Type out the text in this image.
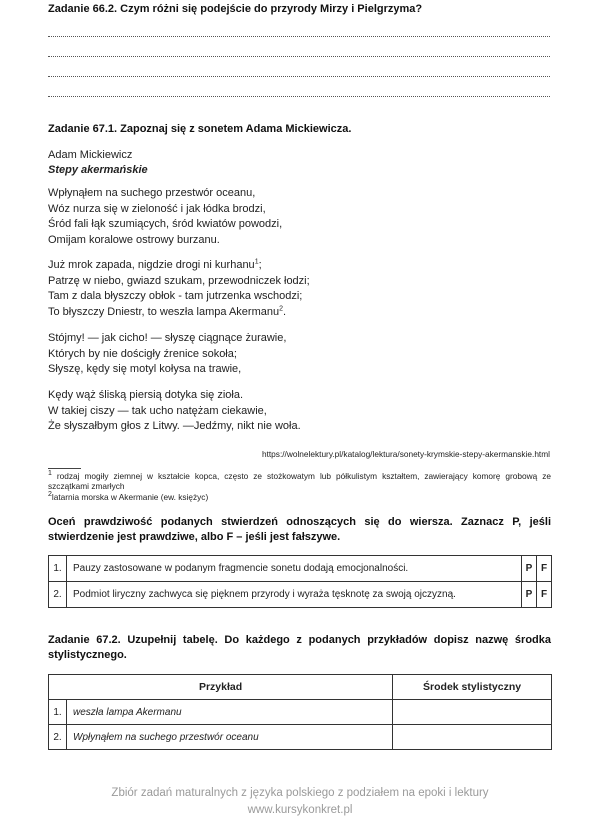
Zadanie 66.2. Czym różni się podejście do przyrody Mirzy i Pielgrzyma?
Zadanie 67.1. Zapoznaj się z sonetem Adama Mickiewicza.
Adam Mickiewicz
Stepy akermańskie
Wpłynąłem na suchego przestwór oceanu,
Wóz nurza się w zieloność i jak łódka brodzi,
Śród fali łąk szumiących, śród kwiatów powodzi,
Omijam koralowe ostrowy burzanu.
Już mrok zapada, nigdzie drogi ni kurhanu$^1$;
Patrzę w niebo, gwiazd szukam, przewodniczek łodzi;
Tam z dala błyszczy obłok - tam jutrzenka wschodzi;
To błyszczy Dniestr, to weszła lampa Akermanu$^2$.
Stójmy! — jak cicho! — słyszę ciągnące żurawie,
Których by nie dościgły źrenice sokoła;
Słyszę, kędy się motyl kołysa na trawie,
Kędy wąż śliską piersią dotyka się zioła.
W takiej ciszy — tak ucho natężam ciekawie,
Że słyszałbym głos z Litwy. —Jedźmy, nikt nie woła.
https://wolnelektury.pl/katalog/lektura/sonety-krymskie-stepy-akermanskie.html
$^1$ rodzaj mogiły ziemnej w kształcie kopca, często ze stożkowatym lub półkulistym kształtem, zawierający komorę grobową ze szczątkami zmarłych
$^2$latarnia morska w Akermanie (ew. księżyc)
Oceń prawdziwość podanych stwierdzeń odnoszących się do wiersza. Zaznacz P, jeśli stwierdzenie jest prawdziwe, albo F – jeśli jest fałszywe.
1.	Pauzy zastosowane w podanym fragmencie sonetu dodają emocjonalności.	P	F
2.	Podmiot liryczny zachwyca się pięknem przyrody i wyraża tęsknotę za swoją ojczyzną.	P	F
Zadanie 67.2. Uzupełnij tabelę. Do każdego z podanych przykładów dopisz nazwę środka stylistycznego.
Przykład		Środek stylistyczny
1.	weszła lampa Akermanu	
2.	Wpłynąłem na suchego przestwór oceanu	
Zbiór zadań maturalnych z języka polskiego z podziałem na epoki i lektury
www.kursykonkret.pl
